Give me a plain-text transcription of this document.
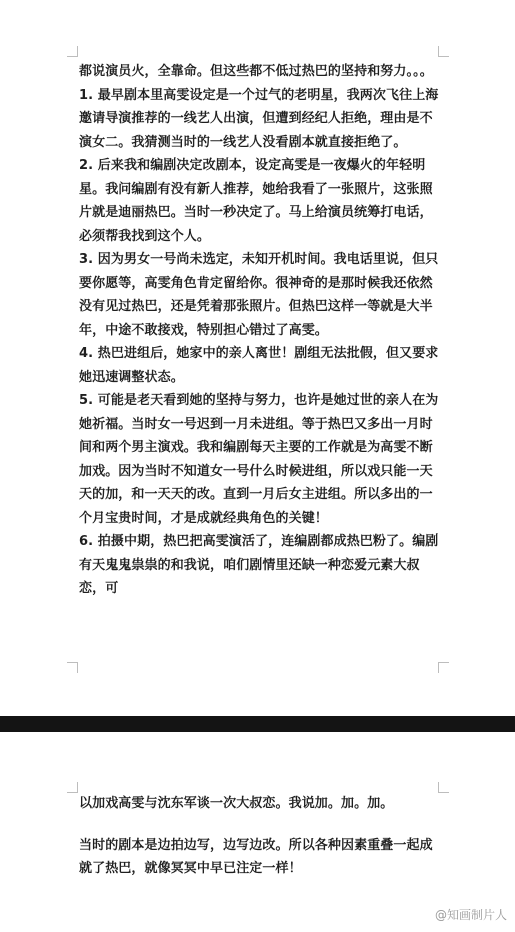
都说演员火，全靠命。但这些都不低过热巴的坚持和努力。。。

1. 最早剧本里高雯设定是一个过气的老明星，我两次飞往上海邀请导演推荐的一线艺人出演，但遭到经纪人拒绝，理由是不演女二。我猜测当时的一线艺人没看剧本就直接拒绝了。

2. 后来我和编剧决定改剧本，设定高雯是一夜爆火的年轻明星。我问编剧有没有新人推荐，她给我看了一张照片，这张照片就是迪丽热巴。当时一秒决定了。马上给演员统筹打电话，必须帮我找到这个人。

3. 因为男女一号尚未选定，未知开机时间。我电话里说，但只要你愿等，高雯角色肯定留给你。很神奇的是那时候我还依然没有见过热巴，还是凭着那张照片。但热巴这样一等就是大半年，中途不敢接戏，特别担心错过了高雯。

4. 热巴进组后，她家中的亲人离世！剧组无法批假，但又要求她迅速调整状态。

5. 可能是老天看到她的坚持与努力，也许是她过世的亲人在为她祈福。当时女一号迟到一月未进组。等于热巴又多出一月时间和两个男主演戏。我和编剧每天主要的工作就是为高雯不断加戏。因为当时不知道女一号什么时候进组，所以戏只能一天天的加，和一天天的改。直到一月后女主进组。所以多出的一个月宝贵时间，才是成就经典角色的关键！

6. 拍摄中期，热巴把高雯演活了，连编剧都成热巴粉了。编剧有天鬼鬼祟祟的和我说，咱们剧情里还缺一种恋爱元素大叔恋，可

以加戏高雯与沈东军谈一次大叔恋。我说加。加。加。

当时的剧本是边拍边写，边写边改。所以各种因素重叠一起成就了热巴，就像冥冥中早已注定一样！

@知画制片人
